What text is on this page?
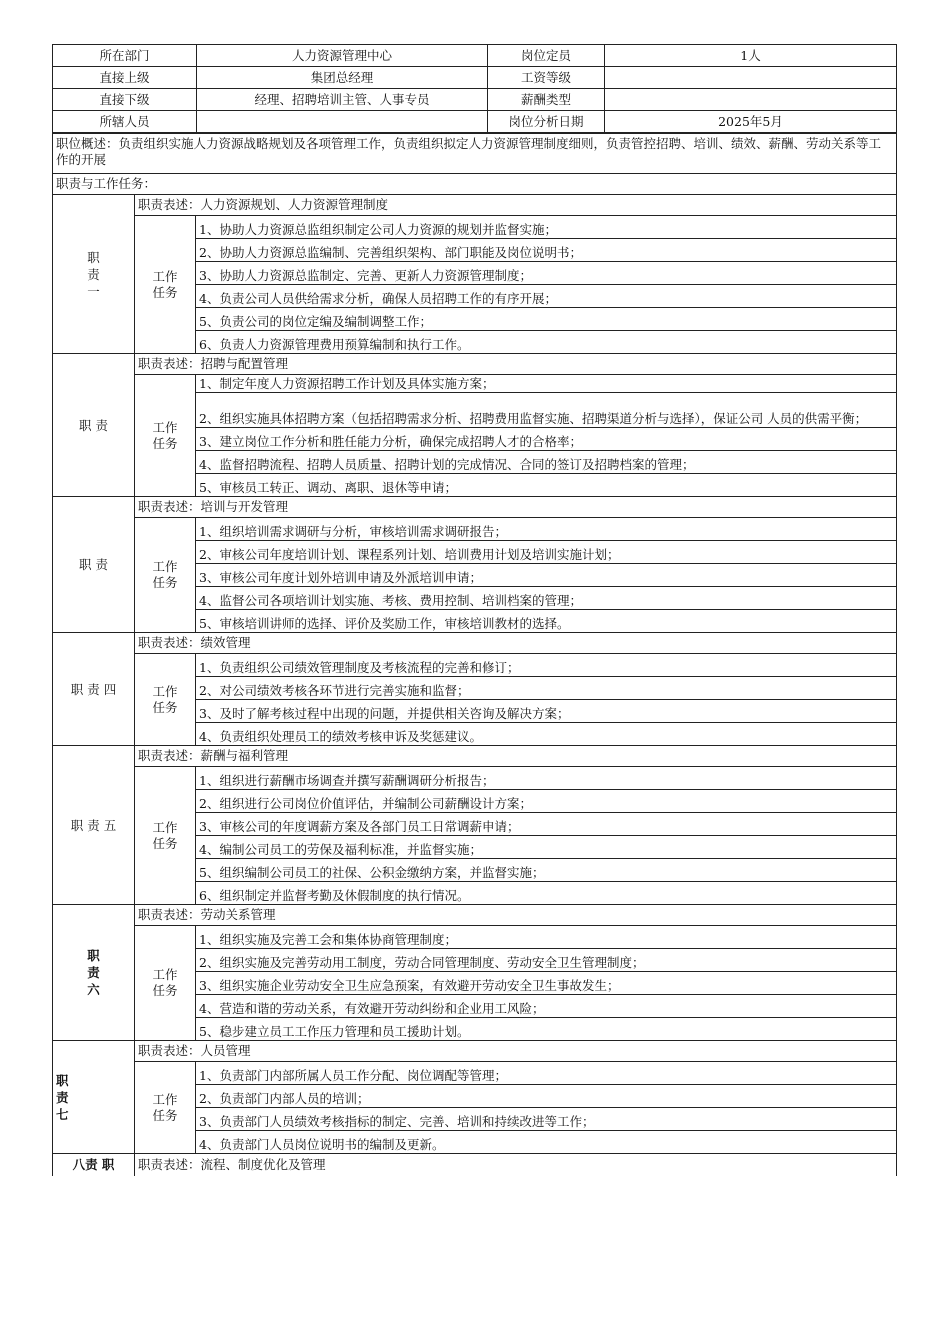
所在部门	人力资源管理中心	岗位定员	1人
直接上级	集团总经理	工资等级	
直接下级	经理、招聘培训主管、人事专员	薪酬类型	
所辖人员		岗位分析日期	2025年5月
职位概述：负责组织实施人力资源战略规划及各项管理工作，负责组织拟定人力资源管理制度细则，负责管控招聘、培训、绩效、薪酬、劳动关系等工作的开展		
职责与工作任务：		

职
责
一	职责表述：人力资源规划、人力资源管理制度	

	工作
任务	1、协助人力资源总监组织制定公司人力资源的规划并监督实施；
		2、协助人力资源总监编制、完善组织架构、部门职能及岗位说明书；
		3、协助人力资源总监制定、完善、更新人力资源管理制度；
		4、负责公司人员供给需求分析，确保人员招聘工作的有序开展；
		5、负责公司的岗位定编及编制调整工作；
		6、负责人力资源管理费用预算编制和执行工作。

职 责	职责表述：招聘与配置管理	

	工作
任务	1、制定年度人力资源招聘工作计划及具体实施方案；
		2、组织实施具体招聘方案（包括招聘需求分析、招聘费用监督实施、招聘渠道分析与选择），保证公司 人员的供需平衡；
		3、建立岗位工作分析和胜任能力分析，确保完成招聘人才的合格率；
		4、监督招聘流程、招聘人员质量、招聘计划的完成情况、合同的签订及招聘档案的管理；
		5、审核员工转正、调动、离职、退休等申请；

职 责	职责表述：培训与开发管理	

	工作
任务	1、组织培训需求调研与分析，审核培训需求调研报告；
		2、审核公司年度培训计划、课程系列计划、培训费用计划及培训实施计划；
		3、审核公司年度计划外培训申请及外派培训申请；
		4、监督公司各项培训计划实施、考核、费用控制、培训档案的管理；
		5、审核培训讲师的选择、评价及奖励工作，审核培训教材的选择。

职 责 四	职责表述：绩效管理	

	工作
任务	1、负责组织公司绩效管理制度及考核流程的完善和修订；
		2、对公司绩效考核各环节进行完善实施和监督；
		3、及时了解考核过程中出现的问题，并提供相关咨询及解决方案；
		4、负责组织处理员工的绩效考核申诉及奖惩建议。

职 责 五	职责表述：薪酬与福利管理	

	工作
任务	1、组织进行薪酬市场调查并撰写薪酬调研分析报告；
		2、组织进行公司岗位价值评估，并编制公司薪酬设计方案；
		3、审核公司的年度调薪方案及各部门员工日常调薪申请；
		4、编制公司员工的劳保及福利标准，并监督实施；
		5、组织编制公司员工的社保、公积金缴纳方案，并监督实施；
		6、组织制定并监督考勤及休假制度的执行情况。

职
责
六	职责表述：劳动关系管理	

	工作
任务	1、组织实施及完善工会和集体协商管理制度；
		2、组织实施及完善劳动用工制度，劳动合同管理制度、劳动安全卫生管理制度；
		3、组织实施企业劳动安全卫生应急预案，有效避开劳动安全卫生事故发生；
		4、营造和谐的劳动关系，有效避开劳动纠纷和企业用工风险；
		5、稳步建立员工工作压力管理和员工援助计划。

职
责
七	职责表述：人员管理	

	工作
任务	1、负责部门内部所属人员工作分配、岗位调配等管理；
		2、负责部门内部人员的培训；
		3、负责部门人员绩效考核指标的制定、完善、培训和持续改进等工作；
		4、负责部门人员岗位说明书的编制及更新。
八责 职	职责表述：流程、制度优化及管理	
